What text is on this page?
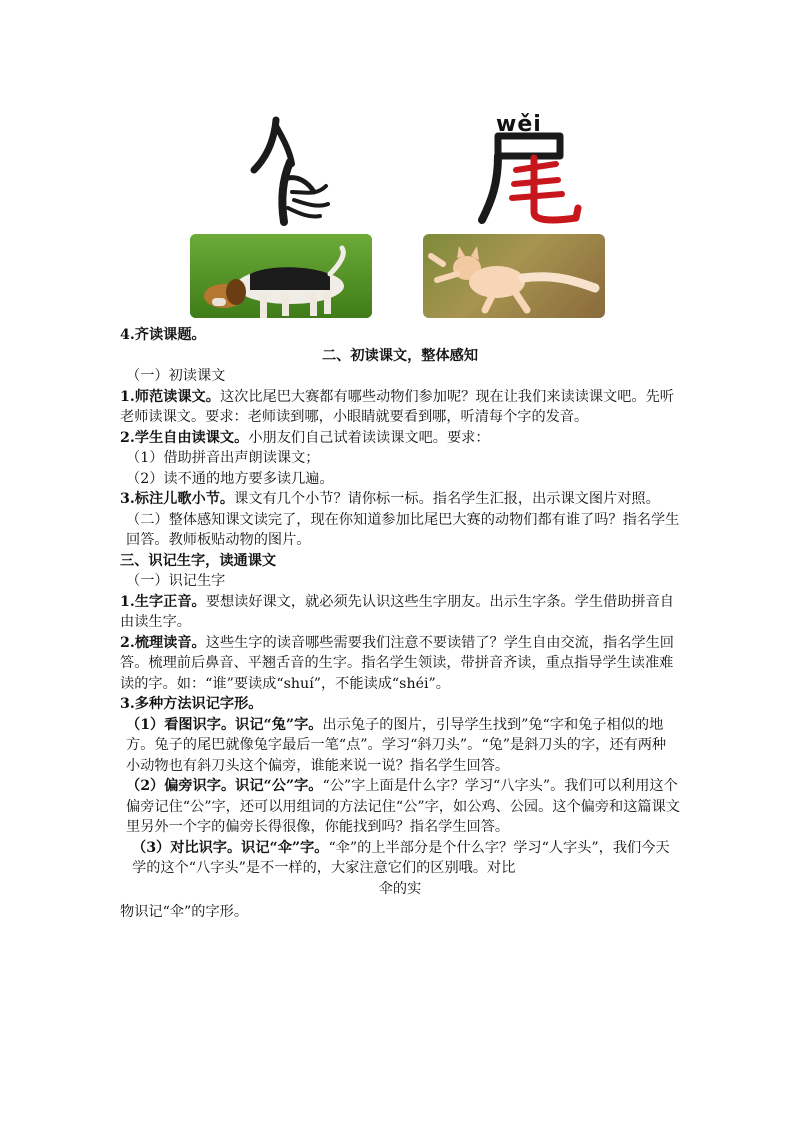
wěi

4.齐读课题。

二、初读课文，整体感知

（一）初读课文

1.师范读课文。这次比尾巴大赛都有哪些动物们参加呢？现在让我们来读读课文吧。先听老师读课文。要求：老师读到哪，小眼睛就要看到哪，听清每个字的发音。

2.学生自由读课文。小朋友们自己试着读读课文吧。要求：

（1）借助拼音出声朗读课文；

（2）读不通的地方要多读几遍。

3.标注儿歌小节。课文有几个小节？请你标一标。指名学生汇报，出示课文图片对照。

（二）整体感知课文读完了，现在你知道参加比尾巴大赛的动物们都有谁了吗？指名学生回答。教师板贴动物的图片。

三、识记生字，读通课文

（一）识记生字

1.生字正音。要想读好课文，就必须先认识这些生字朋友。出示生字条。学生借助拼音自由读生字。

2.梳理读音。这些生字的读音哪些需要我们注意不要读错了？学生自由交流，指名学生回答。梳理前后鼻音、平翘舌音的生字。指名学生领读，带拼音齐读，重点指导学生读准难读的字。如：“谁”要读成“shuí”，不能读成“shéi”。

3.多种方法识记字形。

（1）看图识字。识记“兔”字。出示兔子的图片，引导学生找到”兔“字和兔子相似的地方。兔子的尾巴就像兔字最后一笔“点”。学习“斜刀头”。“兔”是斜刀头的字，还有两种小动物也有斜刀头这个偏旁，谁能来说一说？指名学生回答。

（2）偏旁识字。识记“公”字。“公”字上面是什么字？学习“八字头”。我们可以利用这个偏旁记住“公”字，还可以用组词的方法记住“公”字，如公鸡、公园。这个偏旁和这篇课文里另外一个字的偏旁长得很像，你能找到吗？指名学生回答。

（3）对比识字。识记“伞”字。“伞”的上半部分是个什么字？学习“人字头”，我们今天学的这个“八字头”是不一样的，大家注意它们的区别哦。对比

伞的实

物识记“伞”的字形。
